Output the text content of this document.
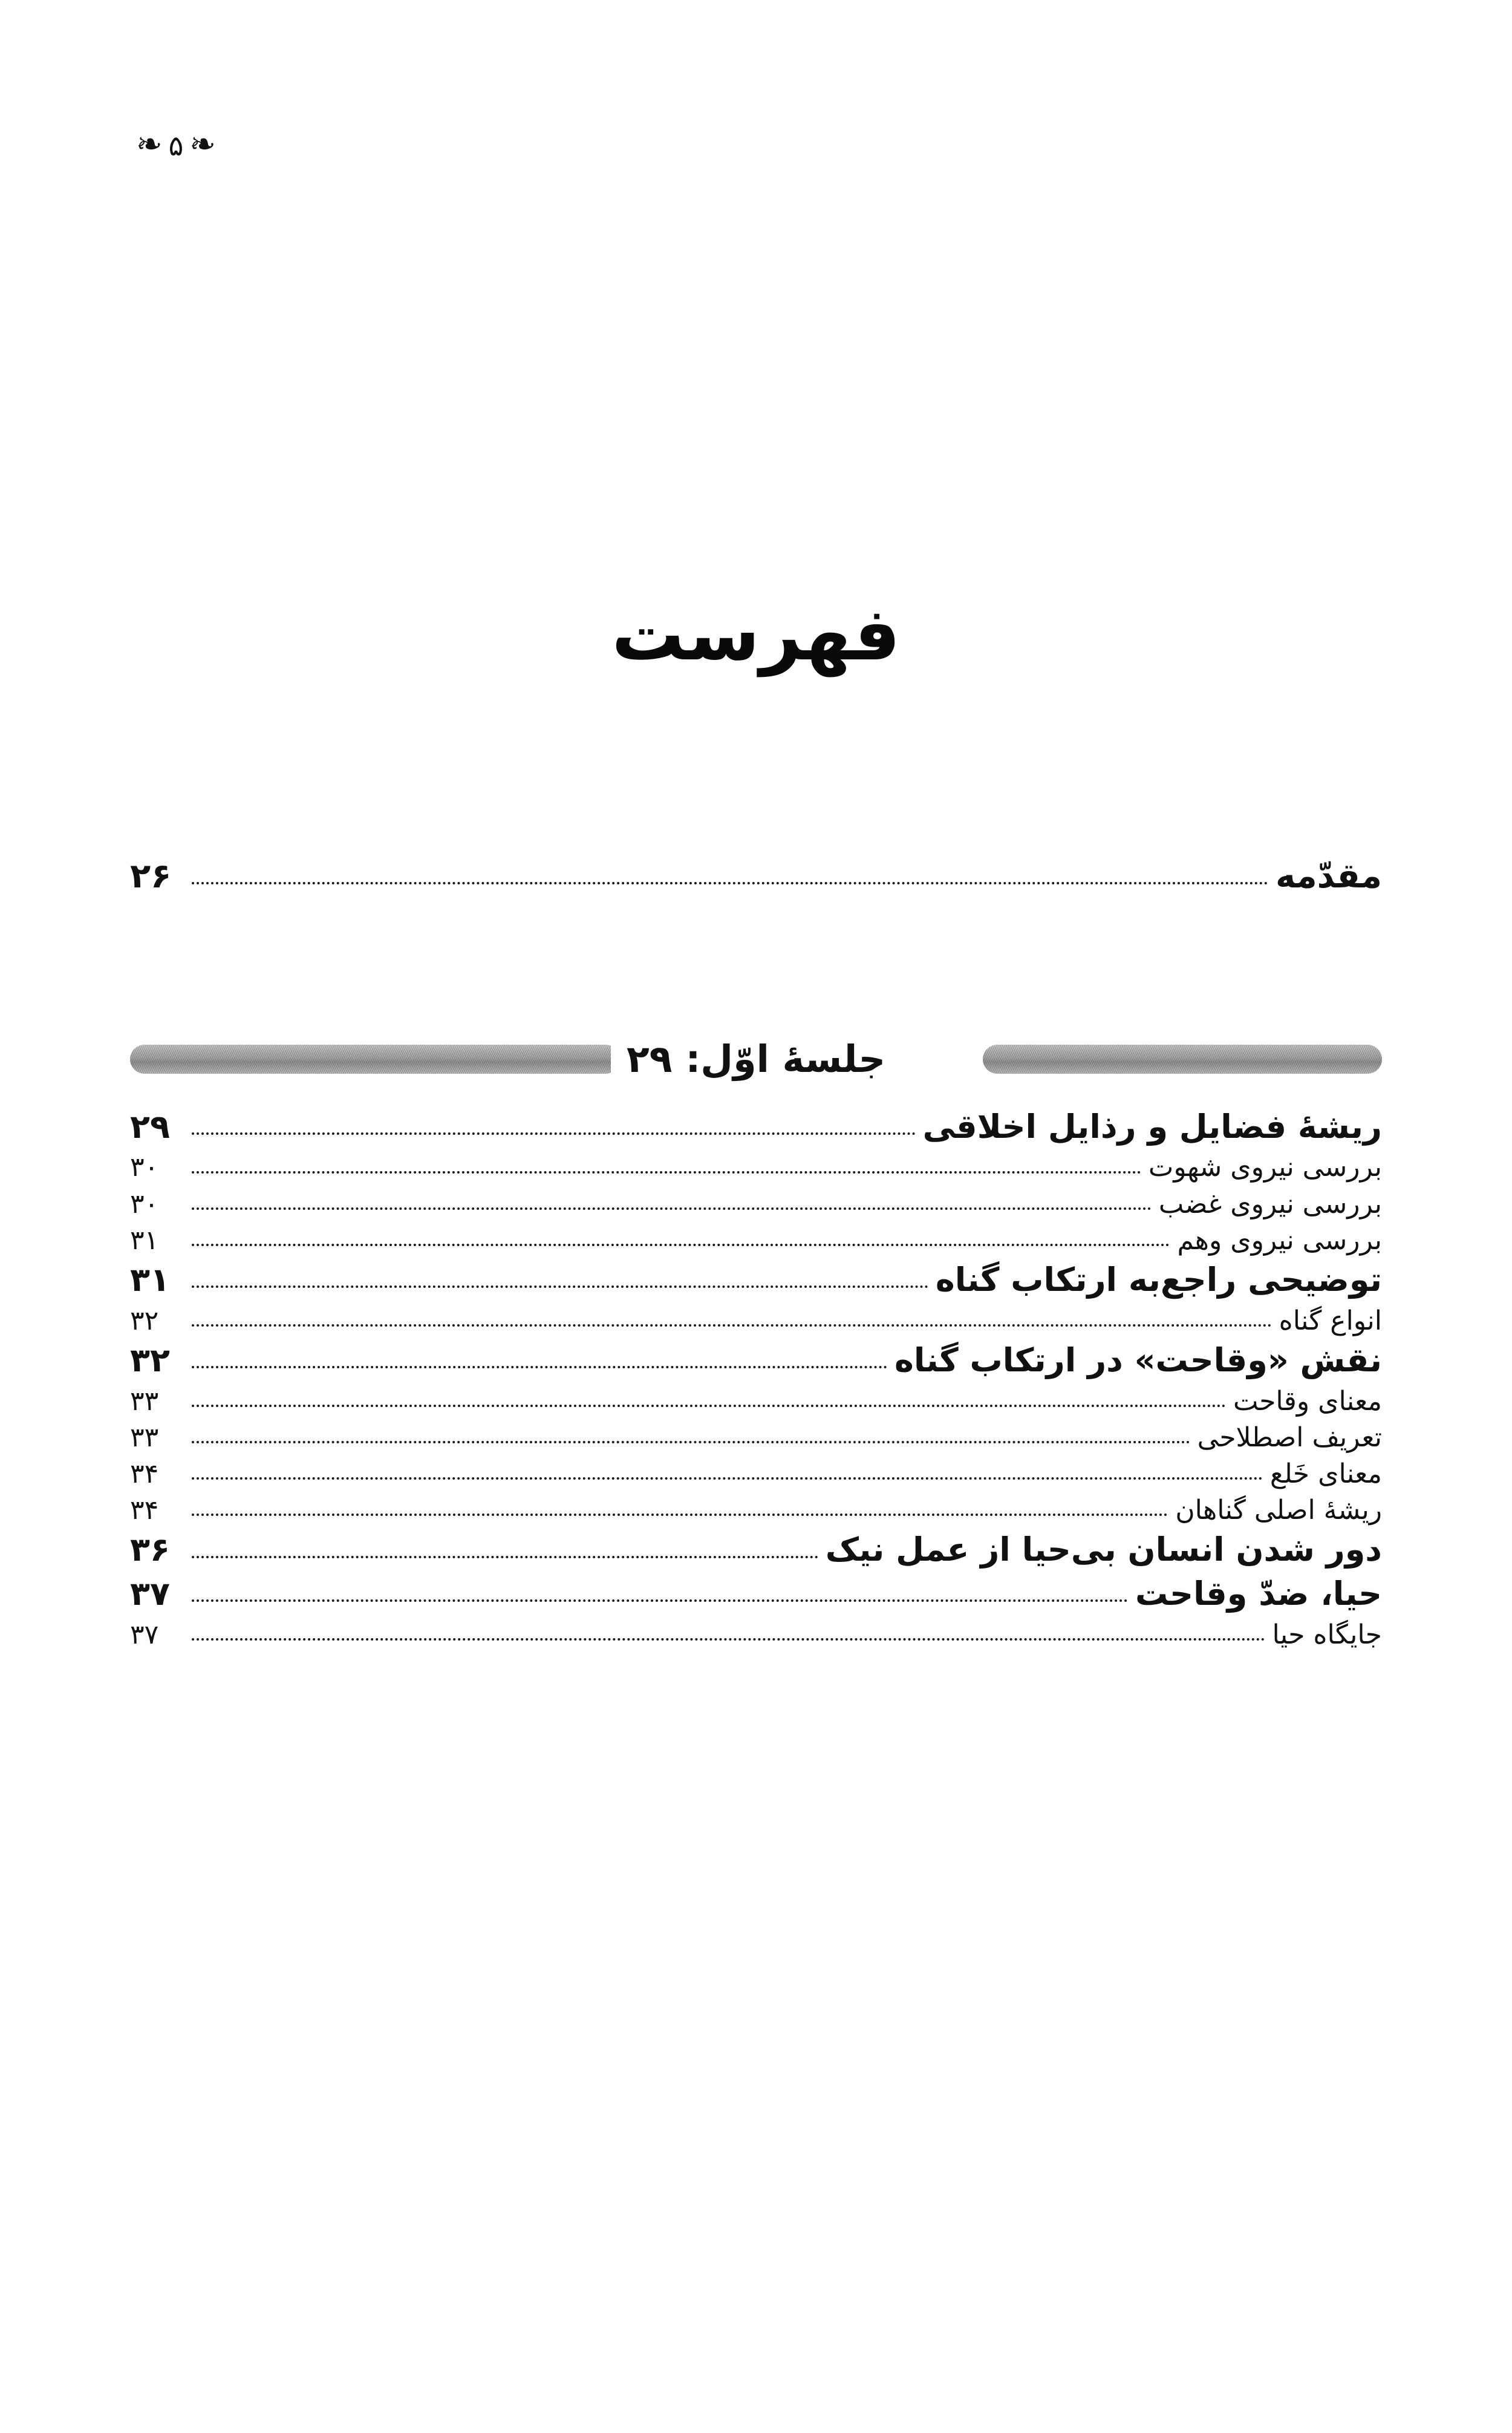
❧
۵
❧
فهرست
مقدّمه
۲۶
جلسهٔ اوّل:۲۹
ریشهٔ فضایل و رذایل اخلاقی
۲۹
بررسی نیروی شهوت
۳۰
بررسی نیروی غضب
۳۰
بررسی نیروی وهم
۳۱
توضیحی راجع‌به ارتکاب گناه
۳۱
انواع گناه
۳۲
نقش «وقاحت» در ارتکاب گناه
۳۲
معنای وقاحت
۳۳
تعریف اصطلاحی
۳۳
معنای خَلع
۳۴
ریشهٔ اصلی گناهان
۳۴
دور شدن انسان بی‌حیا از عمل نیک
۳۶
حیا، ضدّ وقاحت
۳۷
جایگاه حیا
۳۷
